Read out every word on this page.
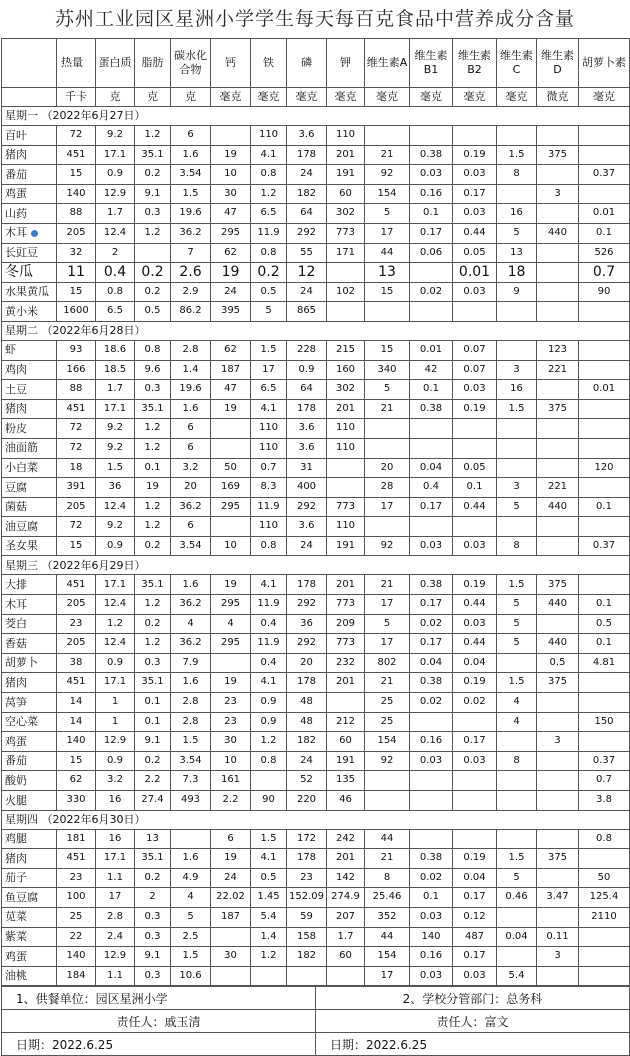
苏州工业园区星洲小学学生每天每百克食品中营养成分含量
	热量	蛋白质	脂肪	碳水化合物	钙	铁	磷	钾	维生素A	维生素B1	维生素B2	维生素C	维生素D	胡萝卜素
	千卡	克	克	克	毫克	毫克	毫克	毫克	毫克	毫克	毫克	毫克	微克	毫克
星期一 （2022年6月27日）														
百叶	72	9.2	1.2	6		110	3.6	110						
猪肉	451	17.1	35.1	1.6	19	4.1	178	201	21	0.38	0.19	1.5	375	
番茄	15	0.9	0.2	3.54	10	0.8	24	191	92	0.03	0.03	8		0.37
鸡蛋	140	12.9	9.1	1.5	30	1.2	182	60	154	0.16	0.17		3	
山药	88	1.7	0.3	19.6	47	6.5	64	302	5	0.1	0.03	16		0.01
木耳	205	12.4	1.2	36.2	295	11.9	292	773	17	0.17	0.44	5	440	0.1
长豇豆	32	2		7	62	0.8	55	171	44	0.06	0.05	13		526
冬瓜	11	0.4	0.2	2.6	19	0.2	12		13		0.01	18		0.7
水果黄瓜	15	0.8	0.2	2.9	24	0.5	24	102	15	0.02	0.03	9		90
黄小米	1600	6.5	0.5	86.2	395	5	865							
星期二 （2022年6月28日）														
虾	93	18.6	0.8	2.8	62	1.5	228	215	15	0.01	0.07		123	
鸡肉	166	18.5	9.6	1.4	187	17	0.9	160	340	42	0.07	3	221	
土豆	88	1.7	0.3	19.6	47	6.5	64	302	5	0.1	0.03	16		0.01
猪肉	451	17.1	35.1	1.6	19	4.1	178	201	21	0.38	0.19	1.5	375	
粉皮	72	9.2	1.2	6		110	3.6	110						
油面筋	72	9.2	1.2	6		110	3.6	110						
小白菜	18	1.5	0.1	3.2	50	0.7	31		20	0.04	0.05			120
豆腐	391	36	19	20	169	8.3	400		28	0.4	0.1	3	221	
菌菇	205	12.4	1.2	36.2	295	11.9	292	773	17	0.17	0.44	5	440	0.1
油豆腐	72	9.2	1.2	6		110	3.6	110						
圣女果	15	0.9	0.2	3.54	10	0.8	24	191	92	0.03	0.03	8		0.37
星期三 （2022年6月29日）														
大排	451	17.1	35.1	1.6	19	4.1	178	201	21	0.38	0.19	1.5	375	
木耳	205	12.4	1.2	36.2	295	11.9	292	773	17	0.17	0.44	5	440	0.1
茭白	23	1.2	0.2	4	4	0.4	36	209	5	0.02	0.03	5		0.5
香菇	205	12.4	1.2	36.2	295	11.9	292	773	17	0.17	0.44	5	440	0.1
胡萝卜	38	0.9	0.3	7.9		0.4	20	232	802	0.04	0.04		0.5	4.81
猪肉	451	17.1	35.1	1.6	19	4.1	178	201	21	0.38	0.19	1.5	375	
莴笋	14	1	0.1	2.8	23	0.9	48		25	0.02	0.02	4		
空心菜	14	1	0.1	2.8	23	0.9	48	212	25			4		150
鸡蛋	140	12.9	9.1	1.5	30	1.2	182	60	154	0.16	0.17		3	
番茄	15	0.9	0.2	3.54	10	0.8	24	191	92	0.03	0.03	8		0.37
酸奶	62	3.2	2.2	7.3	161		52	135						0.7
火腿	330	16	27.4	493	2.2	90	220	46						3.8
星期四 （2022年6月30日）														
鸡腿	181	16	13		6	1.5	172	242	44					0.8
猪肉	451	17.1	35.1	1.6	19	4.1	178	201	21	0.38	0.19	1.5	375	
茄子	23	1.1	0.2	4.9	24	0.5	23	142	8	0.02	0.04	5		50
鱼豆腐	100	17	2	4	22.02	1.45	152.09	274.9	25.46	0.1	0.17	0.46	3.47	125.4
苋菜	25	2.8	0.3	5	187	5.4	59	207	352	0.03	0.12			2110
紫菜	22	2.4	0.3	2.5		1.4	158	1.7	44	140	487	0.04	0.11	
鸡蛋	140	12.9	9.1	1.5	30	1.2	182	60	154	0.16	0.17		3	
油桃	184	1.1	0.3	10.6					17	0.03	0.03	5.4		
1、供餐单位：园区星洲小学	2、学校分管部门：总务科
责任人：戚玉清	责任人：富文
日期：2022.6.25	日期：2022.6.25
